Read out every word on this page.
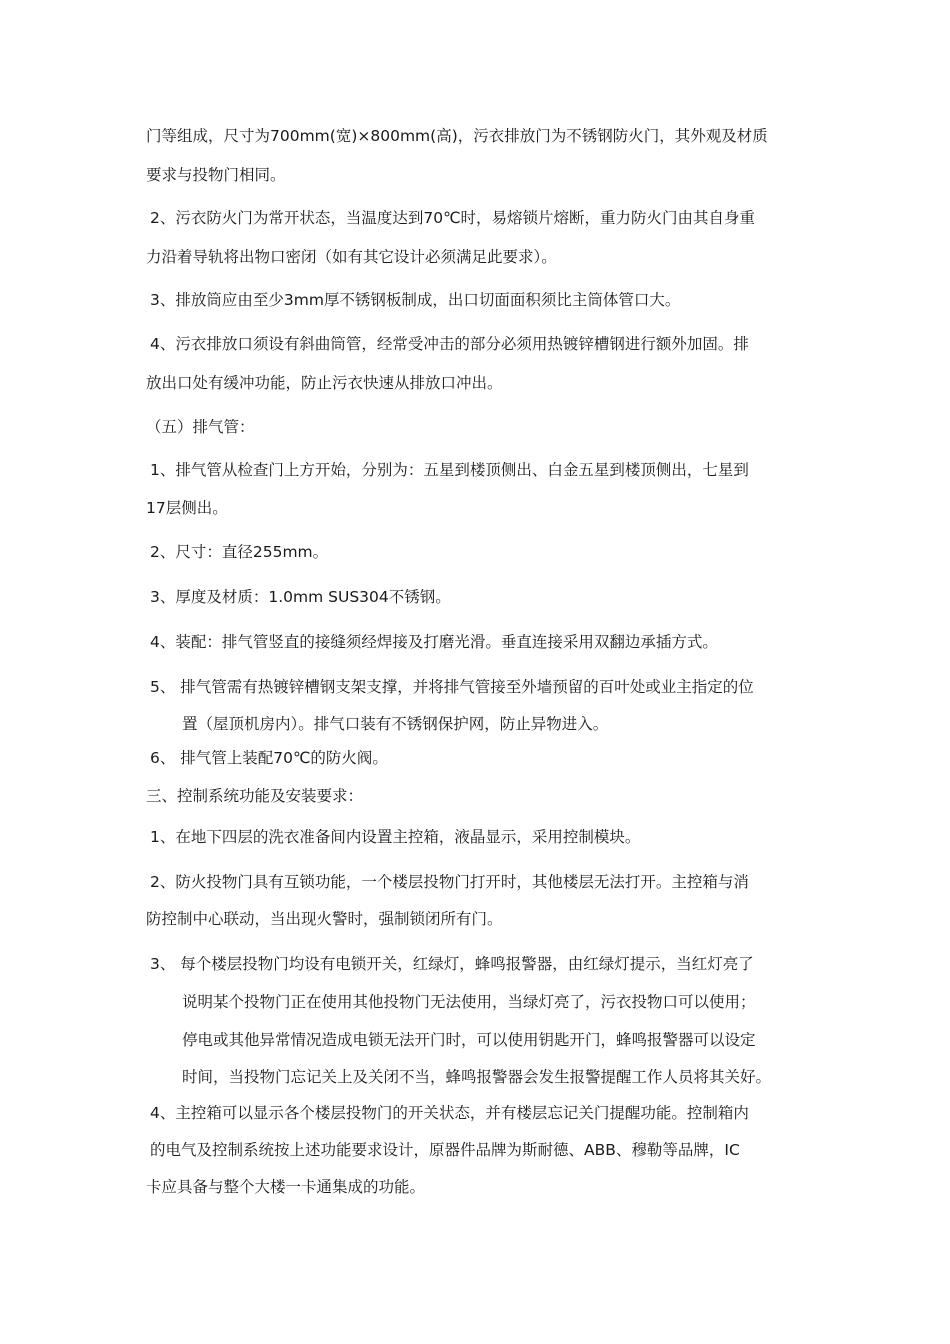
门等组成，尺寸为700mm(宽)×800mm(高)，污衣排放门为不锈钢防火门，其外观及材质
要求与投物门相同。
2、污衣防火门为常开状态，当温度达到70℃时，易熔锁片熔断，重力防火门由其自身重
力沿着导轨将出物口密闭（如有其它设计必须满足此要求）。
3、排放筒应由至少3mm厚不锈钢板制成，出口切面面积须比主筒体管口大。
4、污衣排放口须设有斜曲筒管，经常受冲击的部分必须用热镀锌槽钢进行额外加固。排
放出口处有缓冲功能，防止污衣快速从排放口冲出。
（五）排气管：
1、排气管从检查门上方开始，分别为：五星到楼顶侧出、白金五星到楼顶侧出，七星到
17层侧出。
2、尺寸：直径255mm。
3、厚度及材质：1.0mm SUS304不锈钢。
4、装配：排气管竖直的接缝须经焊接及打磨光滑。垂直连接采用双翻边承插方式。
5、 排气管需有热镀锌槽钢支架支撑，并将排气管接至外墙预留的百叶处或业主指定的位
置（屋顶机房内）。排气口装有不锈钢保护网，防止异物进入。
6、 排气管上装配70℃的防火阀。
三、控制系统功能及安装要求：
1、在地下四层的洗衣准备间内设置主控箱，液晶显示，采用控制模块。
2、防火投物门具有互锁功能，一个楼层投物门打开时，其他楼层无法打开。主控箱与消
防控制中心联动，当出现火警时，强制锁闭所有门。
3、 每个楼层投物门均设有电锁开关，红绿灯，蜂鸣报警器，由红绿灯提示，当红灯亮了
说明某个投物门正在使用其他投物门无法使用，当绿灯亮了，污衣投物口可以使用；
停电或其他异常情况造成电锁无法开门时，可以使用钥匙开门，蜂鸣报警器可以设定
时间，当投物门忘记关上及关闭不当，蜂鸣报警器会发生报警提醒工作人员将其关好。
4、主控箱可以显示各个楼层投物门的开关状态，并有楼层忘记关门提醒功能。控制箱内
的电气及控制系统按上述功能要求设计，原器件品牌为斯耐德、ABB、穆勒等品牌，IC
卡应具备与整个大楼一卡通集成的功能。
